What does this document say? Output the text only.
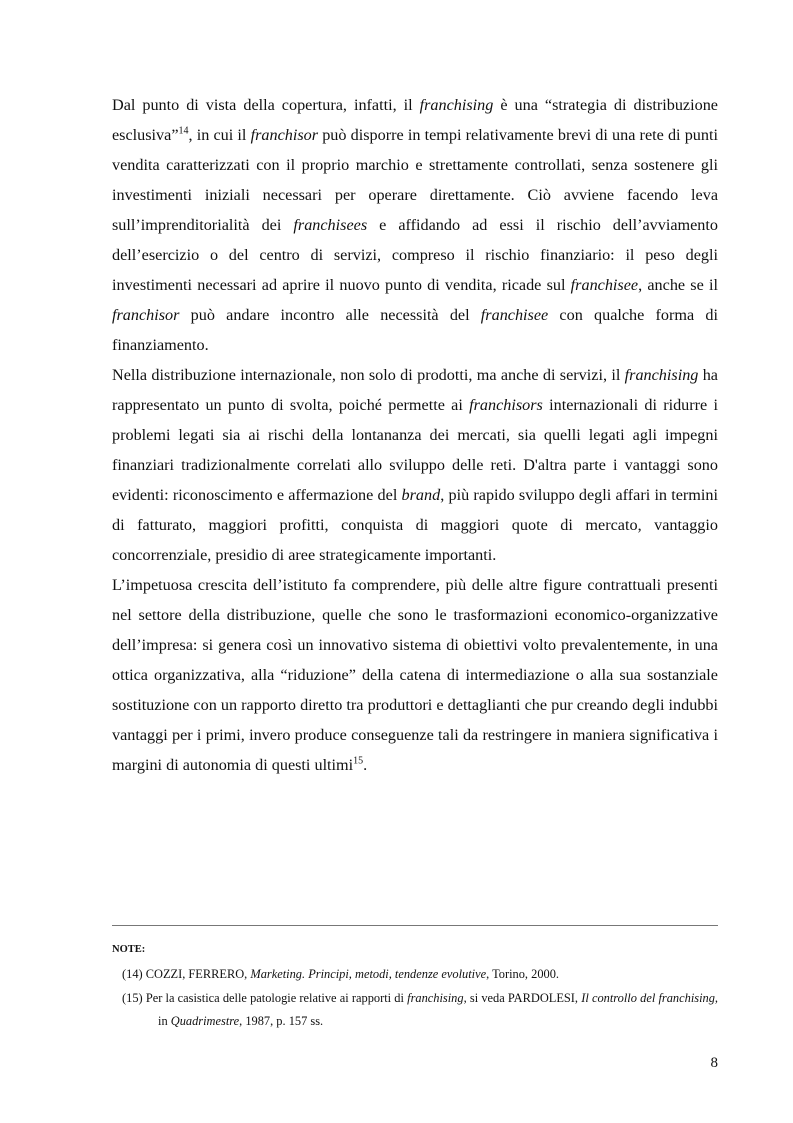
Dal punto di vista della copertura, infatti, il franchising è una “strategia di distribuzione esclusiva”$^{14}$, in cui il franchisor può disporre in tempi relativamente brevi di una rete di punti vendita caratterizzati con il proprio marchio e strettamente controllati, senza sostenere gli investimenti iniziali necessari per operare direttamente. Ciò avviene facendo leva sull’imprenditorialità dei franchisees e affidando ad essi il rischio dell’avviamento dell’esercizio o del centro di servizi, compreso il rischio finanziario: il peso degli investimenti necessari ad aprire il nuovo punto di vendita, ricade sul franchisee, anche se il franchisor può andare incontro alle necessità del franchisee con qualche forma di finanziamento.

Nella distribuzione internazionale, non solo di prodotti, ma anche di servizi, il franchising ha rappresentato un punto di svolta, poiché permette ai franchisors internazionali di ridurre i problemi legati sia ai rischi della lontananza dei mercati, sia quelli legati agli impegni finanziari tradizionalmente correlati allo sviluppo delle reti. D'altra parte i vantaggi sono evidenti: riconoscimento e affermazione del brand, più rapido sviluppo degli affari in termini di fatturato, maggiori profitti, conquista di maggiori quote di mercato, vantaggio concorrenziale, presidio di aree strategicamente importanti.

L’impetuosa crescita dell’istituto fa comprendere, più delle altre figure contrattuali presenti nel settore della distribuzione, quelle che sono le trasformazioni economico-organizzative dell’impresa: si genera così un innovativo sistema di obiettivi volto prevalentemente, in una ottica organizzativa, alla “riduzione” della catena di intermediazione o alla sua sostanziale sostituzione con un rapporto diretto tra produttori e dettaglianti che pur creando degli indubbi vantaggi per i primi, invero produce conseguenze tali da restringere in maniera significativa i margini di autonomia di questi ultimi$^{15}$.

NOTE:

(14) COZZI, FERRERO, Marketing. Principi, metodi, tendenze evolutive, Torino, 2000.

(15) Per la casistica delle patologie relative ai rapporti di franchising, si veda PARDOLESI, Il controllo del franchising, in Quadrimestre, 1987, p. 157 ss.

8
